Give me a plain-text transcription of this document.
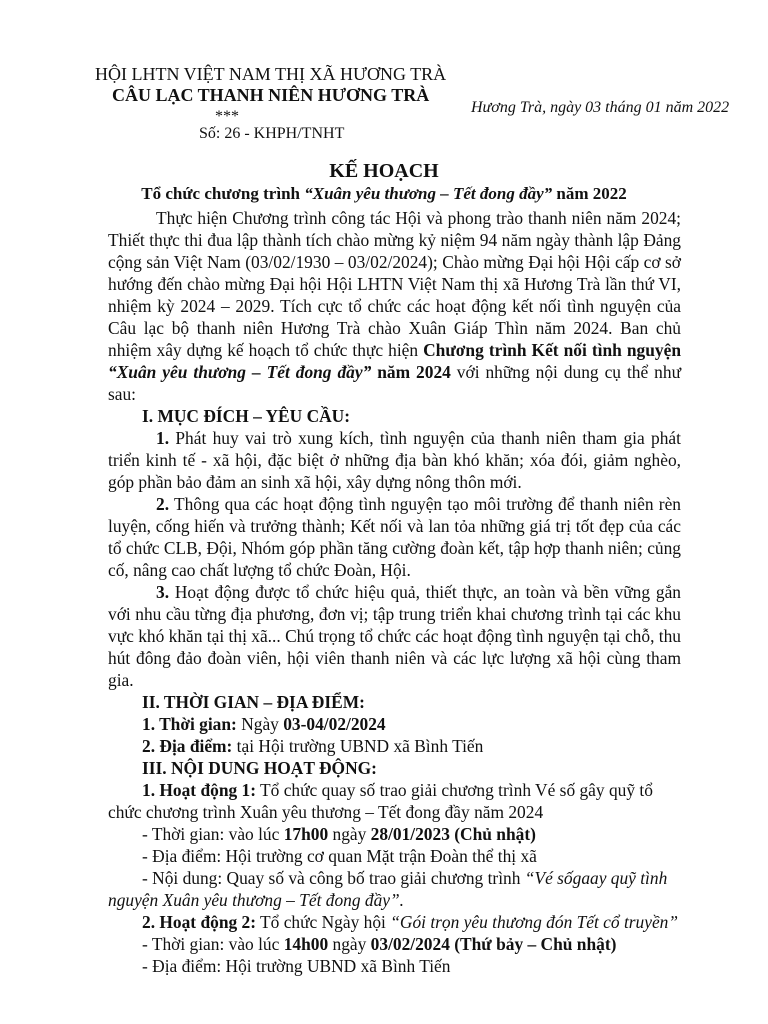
HỘI LHTN VIỆT NAM THỊ XÃ HƯƠNG TRÀ
CÂU LẠC THANH NIÊN HƯƠNG TRÀ
***
Số: 26 - KHPH/TNHT
Hương Trà, ngày 03 tháng 01 năm 2022
KẾ HOẠCH
Tổ chức chương trình “Xuân yêu thương – Tết đong đầy” năm 2022

Thực hiện Chương trình công tác Hội và phong trào thanh niên năm 2024; Thiết thực thi đua lập thành tích chào mừng kỷ niệm 94 năm ngày thành lập Đảng cộng sản Việt Nam (03/02/1930 – 03/02/2024); Chào mừng Đại hội Hội cấp cơ sở hướng đến chào mừng Đại hội Hội LHTN Việt Nam thị xã Hương Trà lần thứ VI, nhiệm kỳ 2024 – 2029. Tích cực tổ chức các hoạt động kết nối tình nguyện của Câu lạc bộ thanh niên Hương Trà chào Xuân Giáp Thìn năm 2024. Ban chủ nhiệm xây dựng kế hoạch tổ chức thực hiện Chương trình Kết nối tình nguyện “Xuân yêu thương – Tết đong đầy” năm 2024 với những nội dung cụ thể như sau:

I. MỤC ĐÍCH – YÊU CẦU:

1. Phát huy vai trò xung kích, tình nguyện của thanh niên tham gia phát triển kinh tế - xã hội, đặc biệt ở những địa bàn khó khăn; xóa đói, giảm nghèo, góp phần bảo đảm an sinh xã hội, xây dựng nông thôn mới.

2. Thông qua các hoạt động tình nguyện tạo môi trường để thanh niên rèn luyện, cống hiến và trưởng thành; Kết nối và lan tỏa những giá trị tốt đẹp của các tổ chức CLB, Đội, Nhóm góp phần tăng cường đoàn kết, tập hợp thanh niên; củng cố, nâng cao chất lượng tổ chức Đoàn, Hội.

3. Hoạt động được tổ chức hiệu quả, thiết thực, an toàn và bền vững gắn với nhu cầu từng địa phương, đơn vị; tập trung triển khai chương trình tại các khu vực khó khăn tại thị xã... Chú trọng tổ chức các hoạt động tình nguyện tại chỗ, thu hút đông đảo đoàn viên, hội viên thanh niên và các lực lượng xã hội cùng tham gia.

II. THỜI GIAN – ĐỊA ĐIỂM:

1. Thời gian: Ngày 03-04/02/2024

2. Địa điểm: tại Hội trường UBND xã Bình Tiến

III. NỘI DUNG HOẠT ĐỘNG:

1. Hoạt động 1: Tổ chức quay số trao giải chương trình Vé số gây quỹ tổ chức chương trình Xuân yêu thương – Tết đong đầy năm 2024

- Thời gian: vào lúc 17h00 ngày 28/01/2023 (Chủ nhật)

- Địa điểm: Hội trường cơ quan Mặt trận Đoàn thể thị xã

- Nội dung: Quay số và công bố trao giải chương trình “Vé sốgaay quỹ tình nguyện Xuân yêu thương – Tết đong đầy”.

2. Hoạt động 2: Tổ chức Ngày hội “Gói trọn yêu thương đón Tết cổ truyền”

- Thời gian: vào lúc 14h00 ngày 03/02/2024 (Thứ bảy – Chủ nhật)

- Địa điểm: Hội trường UBND xã Bình Tiến
